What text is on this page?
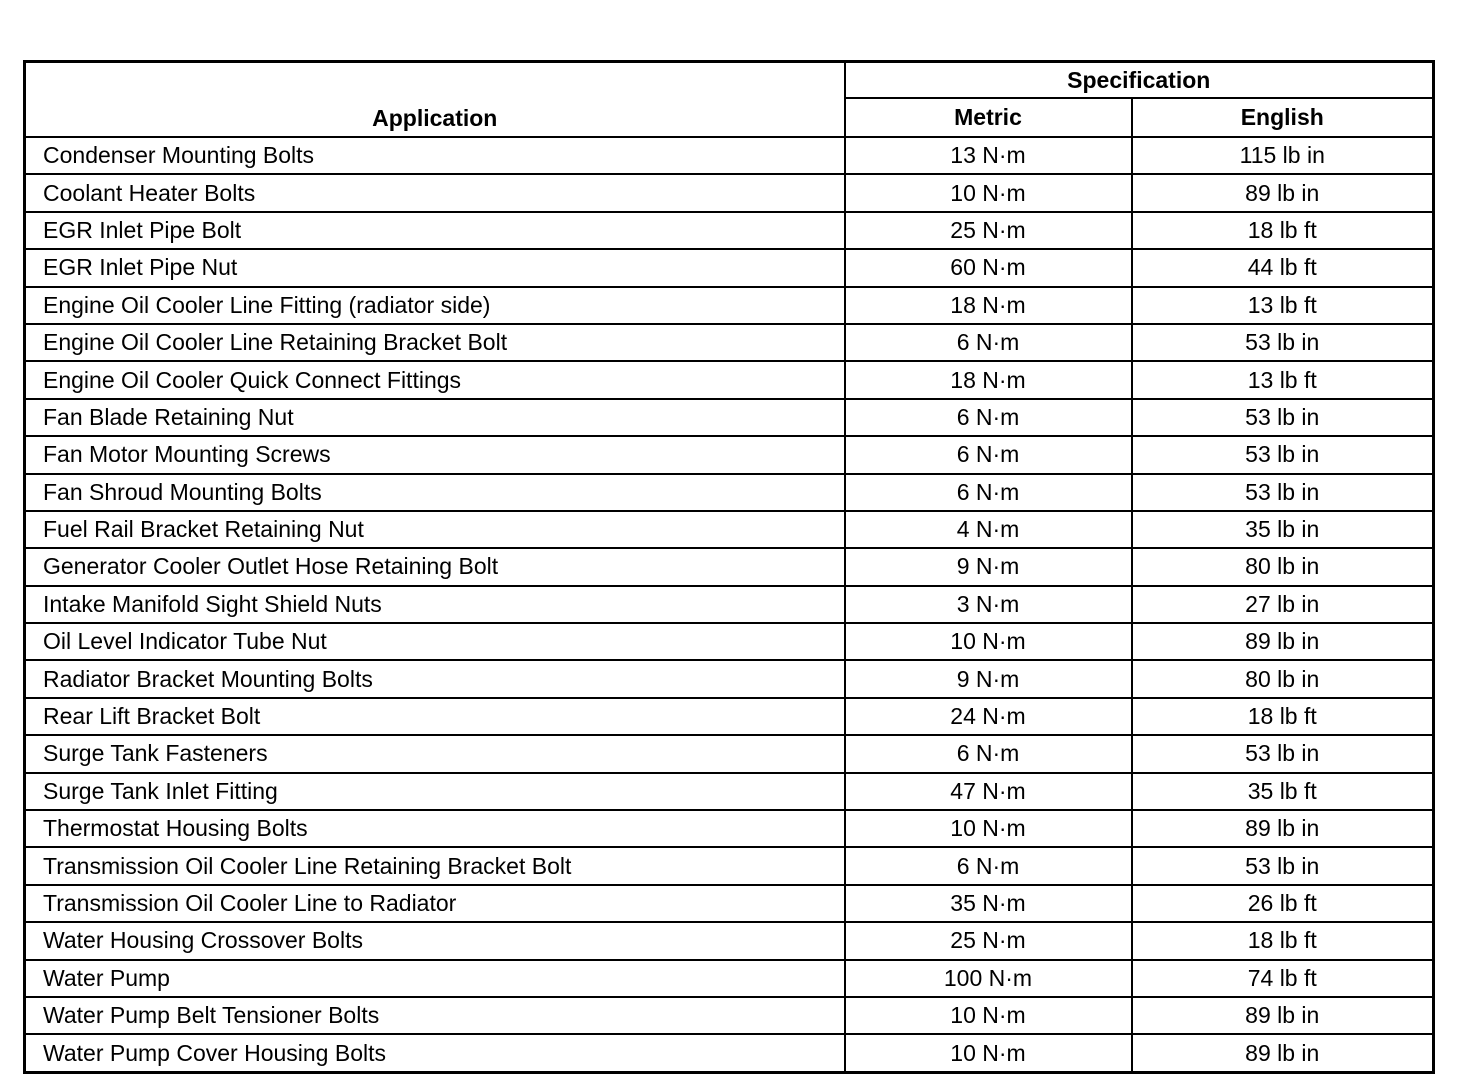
Application	Specification	
	Metric	English
Condenser Mounting Bolts	13 N·m	115 lb in
Coolant Heater Bolts	10 N·m	89 lb in
EGR Inlet Pipe Bolt	25 N·m	18 lb ft
EGR Inlet Pipe Nut	60 N·m	44 lb ft
Engine Oil Cooler Line Fitting (radiator side)	18 N·m	13 lb ft
Engine Oil Cooler Line Retaining Bracket Bolt	6 N·m	53 lb in
Engine Oil Cooler Quick Connect Fittings	18 N·m	13 lb ft
Fan Blade Retaining Nut	6 N·m	53 lb in
Fan Motor Mounting Screws	6 N·m	53 lb in
Fan Shroud Mounting Bolts	6 N·m	53 lb in
Fuel Rail Bracket Retaining Nut	4 N·m	35 lb in
Generator Cooler Outlet Hose Retaining Bolt	9 N·m	80 lb in
Intake Manifold Sight Shield Nuts	3 N·m	27 lb in
Oil Level Indicator Tube Nut	10 N·m	89 lb in
Radiator Bracket Mounting Bolts	9 N·m	80 lb in
Rear Lift Bracket Bolt	24 N·m	18 lb ft
Surge Tank Fasteners	6 N·m	53 lb in
Surge Tank Inlet Fitting	47 N·m	35 lb ft
Thermostat Housing Bolts	10 N·m	89 lb in
Transmission Oil Cooler Line Retaining Bracket Bolt	6 N·m	53 lb in
Transmission Oil Cooler Line to Radiator	35 N·m	26 lb ft
Water Housing Crossover Bolts	25 N·m	18 lb ft
Water Pump	100 N·m	74 lb ft
Water Pump Belt Tensioner Bolts	10 N·m	89 lb in
Water Pump Cover Housing Bolts	10 N·m	89 lb in
